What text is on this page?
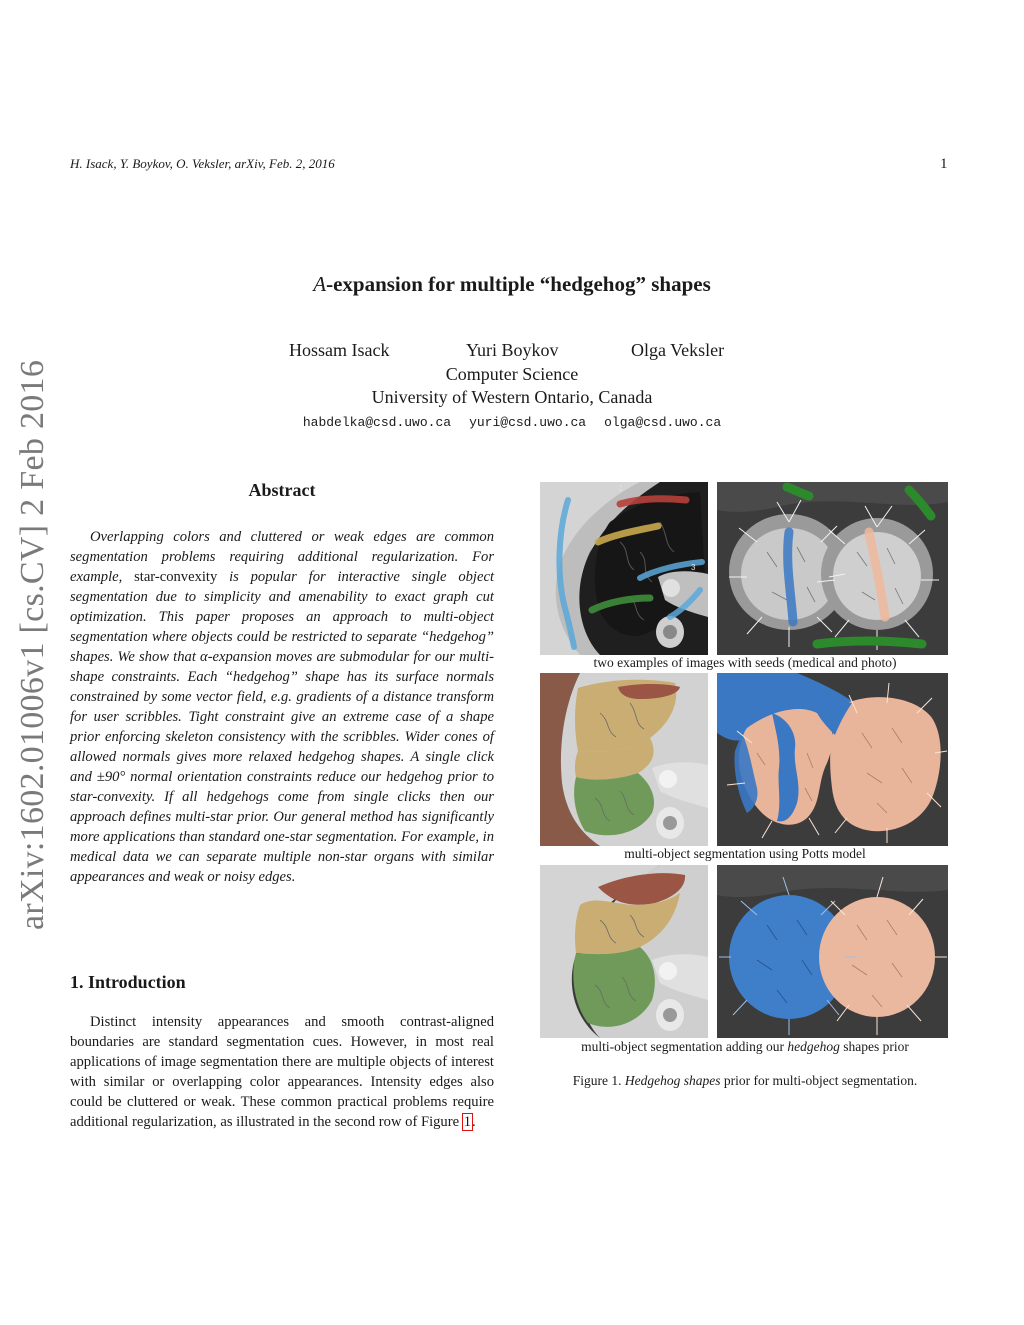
H. Isack, Y. Boykov, O. Veksler, arXiv, Feb. 2, 2016	1
arXiv:1602.01006v1 [cs.CV] 2 Feb 2016
A-expansion for multiple “hedgehog” shapes
Hossam Isack	Yuri Boykov	Olga Veksler
Computer Science
University of Western Ontario, Canada
habdelka@csd.uwo.ca yuri@csd.uwo.ca olga@csd.uwo.ca
Abstract
Overlapping colors and cluttered or weak edges are common segmentation problems requiring additional regularization. For example, star-convexity is popular for interactive single object segmentation due to simplicity and amenability to exact graph cut optimization. This paper proposes an approach to multi-object segmentation where objects could be restricted to separate “hedgehog” shapes. We show that α-expansion moves are submodular for our multi-shape constraints. Each “hedgehog” shape has its surface normals constrained by some vector field, e.g. gradients of a distance transform for user scribbles. Tight constraint give an extreme case of a shape prior enforcing skeleton consistency with the scribbles. Wider cones of allowed normals gives more relaxed hedgehog shapes. A single click and ±90° normal orientation constraints reduce our hedgehog prior to star-convexity. If all hedgehogs come from single clicks then our approach defines multi-star prior. Our general method has significantly more applications than standard one-star segmentation. For example, in medical data we can separate multiple non-star organs with similar appearances and weak or noisy edges.
1. Introduction
Distinct intensity appearances and smooth contrast-aligned boundaries are standard segmentation cues. However, in most real applications of image segmentation there are multiple objects of interest with similar or overlapping color appearances. Intensity edges also could be cluttered or weak. These common practical problems require additional regularization, as illustrated in the second row of Figure 1.
2
3
two examples of images with seeds (medical and photo)
multi-object segmentation using Potts model
multi-object segmentation adding our hedgehog shapes prior
Figure 1. Hedgehog shapes prior for multi-object segmentation.
